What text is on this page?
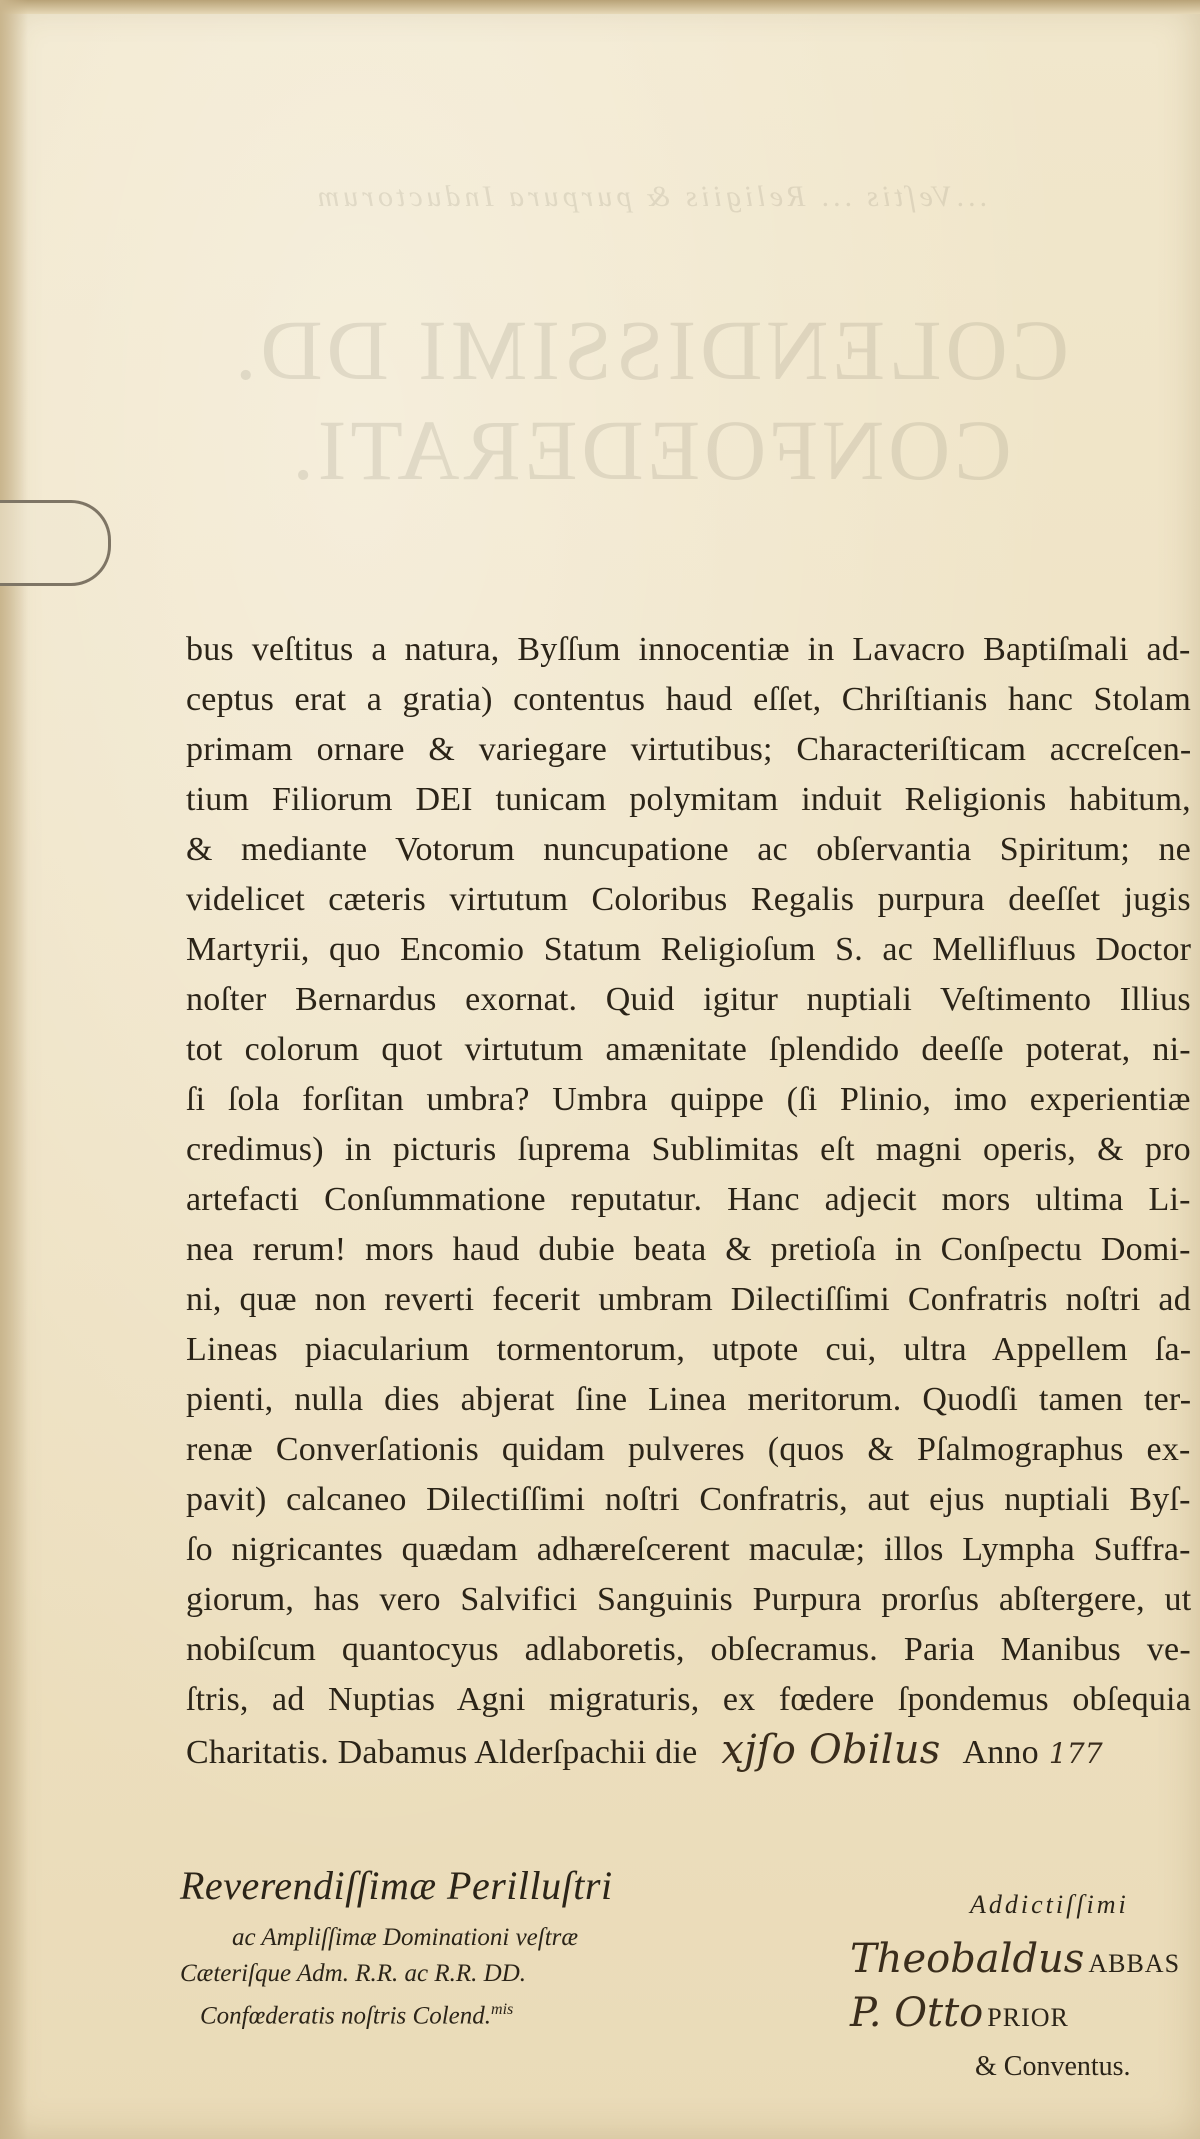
...Veſtis ... Religiis & purpura Inductorum
COLENDISSIMI DD.
CONFOEDERATI.
bus veſtitus a natura, Byſſum innocentiæ in Lavacro Baptiſmali ad-
ceptus erat a gratia) contentus haud eſſet, Chriſtianis hanc Stolam
primam ornare & variegare virtutibus; Characteriſticam accreſcen-
tium Filiorum DEI tunicam polymitam induit Religionis habitum,
& mediante Votorum nuncupatione ac obſervantia Spiritum; ne
videlicet cæteris virtutum Coloribus Regalis purpura deeſſet jugis
Martyrii, quo Encomio Statum Religioſum S. ac Mellifluus Doctor
noſter Bernardus exornat. Quid igitur nuptiali Veſtimento Illius
tot colorum quot virtutum amænitate ſplendido deeſſe poterat, ni-
ſi ſola forſitan umbra? Umbra quippe (ſi Plinio, imo experientiæ
credimus) in picturis ſuprema Sublimitas eſt magni operis, & pro
artefacti Conſummatione reputatur. Hanc adjecit mors ultima Li-
nea rerum! mors haud dubie beata & pretioſa in Conſpectu Domi-
ni, quæ non reverti fecerit umbram Dilectiſſimi Confratris noſtri ad
Lineas piacularium tormentorum, utpote cui, ultra Appellem ſa-
pienti, nulla dies abjerat ſine Linea meritorum. Quodſi tamen ter-
renæ Converſationis quidam pulveres (quos & Pſalmographus ex-
pavit) calcaneo Dilectiſſimi noſtri Confratris, aut ejus nuptiali Byſ-
ſo nigricantes quædam adhæreſcerent maculæ; illos Lympha Suffra-
giorum, has vero Salvifici Sanguinis Purpura prorſus abſtergere, ut
nobiſcum quantocyus adlaboretis, obſecramus. Paria Manibus ve-
ſtris, ad Nuptias Agni migraturis, ex fœdere ſpondemus obſequia
Charitatis. Dabamus Alderſpachii die xjſo Obilus Anno 177
Reverendiſſimæ Perilluſtri
ac Ampliſſimæ Dominationi veſtræ
Cæteriſque Adm. R.R. ac R.R. DD.
Confœderatis noſtris Colend.$^{mis}$
Addictiſſimi
Theobaldus ABBAS
P. Otto PRIOR
& Conventus.
